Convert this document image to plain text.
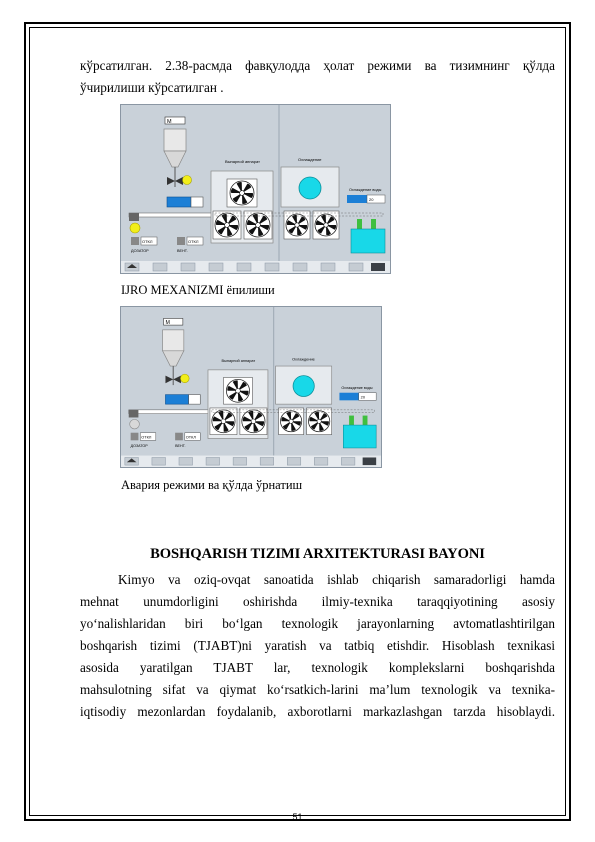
кўрсатилган. 2.38-расмда фавқулодда ҳолат режими ва тизимнинг қўлда
ўчирилиши кўрсатилган .
M
ОТКЛ	ОТКЛ
ДОЗАТОР	ВЕНТ.
Выпарной аппарат	Охлаждение
Охлаждение воды
20
IJRO MEXANIZMI ёпилиши
M
ОТКЛ	ОТКЛ
ДОЗАТОР	ВЕНТ.
Выпарной аппарат	Охлаждение
Охлаждение воды
20
Авария режими ва қўлда ўрнатиш
BOSHQARISH TIZIMI ARXITEKTURASI BAYONI
Kimyo va oziq-ovqat sanoatida ishlab chiqarish samaradorligi hamda
mehnat unumdorligini oshirishda ilmiy-texnika taraqqiyotining asosiy
yo‘nalishlaridan biri bo‘lgan texnologik jarayonlarning avtomatlashtirilgan
boshqarish tizimi (TJABT)ni yaratish va tatbiq etishdir. Hisoblash texnikasi
asosida yaratilgan TJABT lar, texnologik komplekslarni boshqarishda
mahsulotning sifat va qiymat ko‘rsatkich-larini ma’lum texnologik va texnika-
iqtisodiy mezonlardan foydalanib, axborotlarni markazlashgan tarzda hisoblaydi.
51
